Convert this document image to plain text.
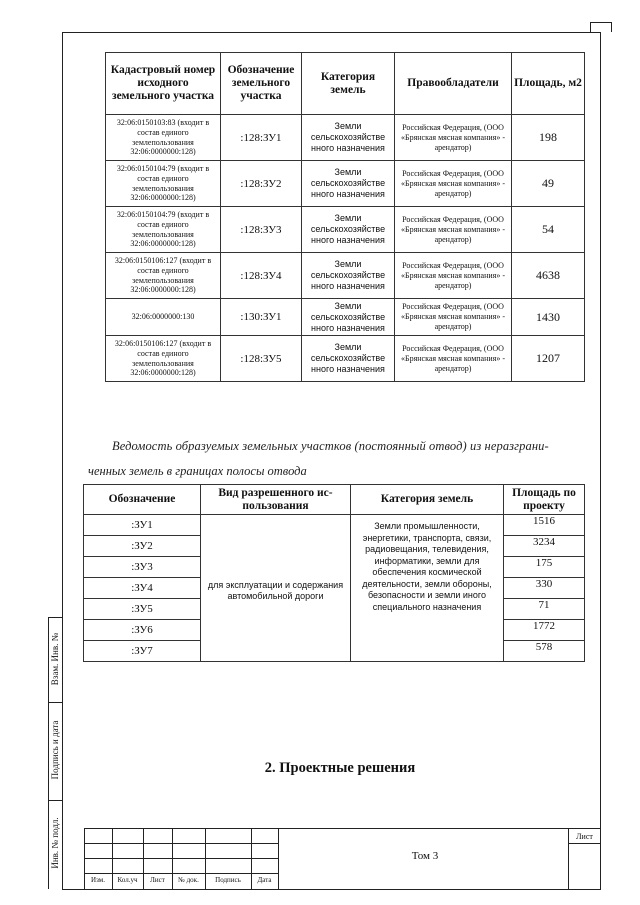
Кадастровый номер исходного земельного участка	Обозначение земельного участка	Категория земель	Правообладатели	Площадь, м2
32:06:0150103:83 (входит в состав единого землепользования 32:06:0000000:128)	:128:ЗУ1	Земли сельскохозяйстве нного назначения	Российская Федерация, (ООО «Брянская мясная компания» - арендатор)	198
32:06:0150104:79 (входит в состав единого землепользования 32:06:0000000:128)	:128:ЗУ2	Земли сельскохозяйстве нного назначения	Российская Федерация, (ООО «Брянская мясная компания» - арендатор)	49
32:06:0150104:79 (входит в состав единого землепользования 32:06:0000000:128)	:128:ЗУ3	Земли сельскохозяйстве нного назначения	Российская Федерация, (ООО «Брянская мясная компания» - арендатор)	54
32:06:0150106:127 (входит в состав единого землепользования 32:06:0000000:128)	:128:ЗУ4	Земли сельскохозяйстве нного назначения	Российская Федерация, (ООО «Брянская мясная компания» - арендатор)	4638
32:06:0000000:130	:130:ЗУ1	Земли сельскохозяйстве нного назначения	Российская Федерация, (ООО «Брянская мясная компания» - арендатор)	1430
32:06:0150106:127 (входит в состав единого землепользования 32:06:0000000:128)	:128:ЗУ5	Земли сельскохозяйстве нного назначения	Российская Федерация, (ООО «Брянская мясная компания» - арендатор)	1207
Ведомость образуемых земельных участков (постоянный отвод) из неразграни-
ченных земель в границах полосы отвода
Обозначение	Вид разрешенного ис-пользования	Категория земель	Площадь по проекту
:ЗУ1	для эксплуатации и содержания автомобильной дороги	Земли промышленности, энергетики, транспорта, связи, радиовещания, телевидения, информатики, земли для обеспечения космической деятельности, земли обороны, безопасности и земли иного специального назначения	1516
:ЗУ2			3234
:ЗУ3			175
:ЗУ4			330
:ЗУ5			71
:ЗУ6			1772
:ЗУ7			578
2. Проектные решения
Взам. Инв. №
Подпись и дата
Инв. № подл.
Изм.	Кол.уч	Лист	№ док.	Подпись	Дата
Том 3
Лист
